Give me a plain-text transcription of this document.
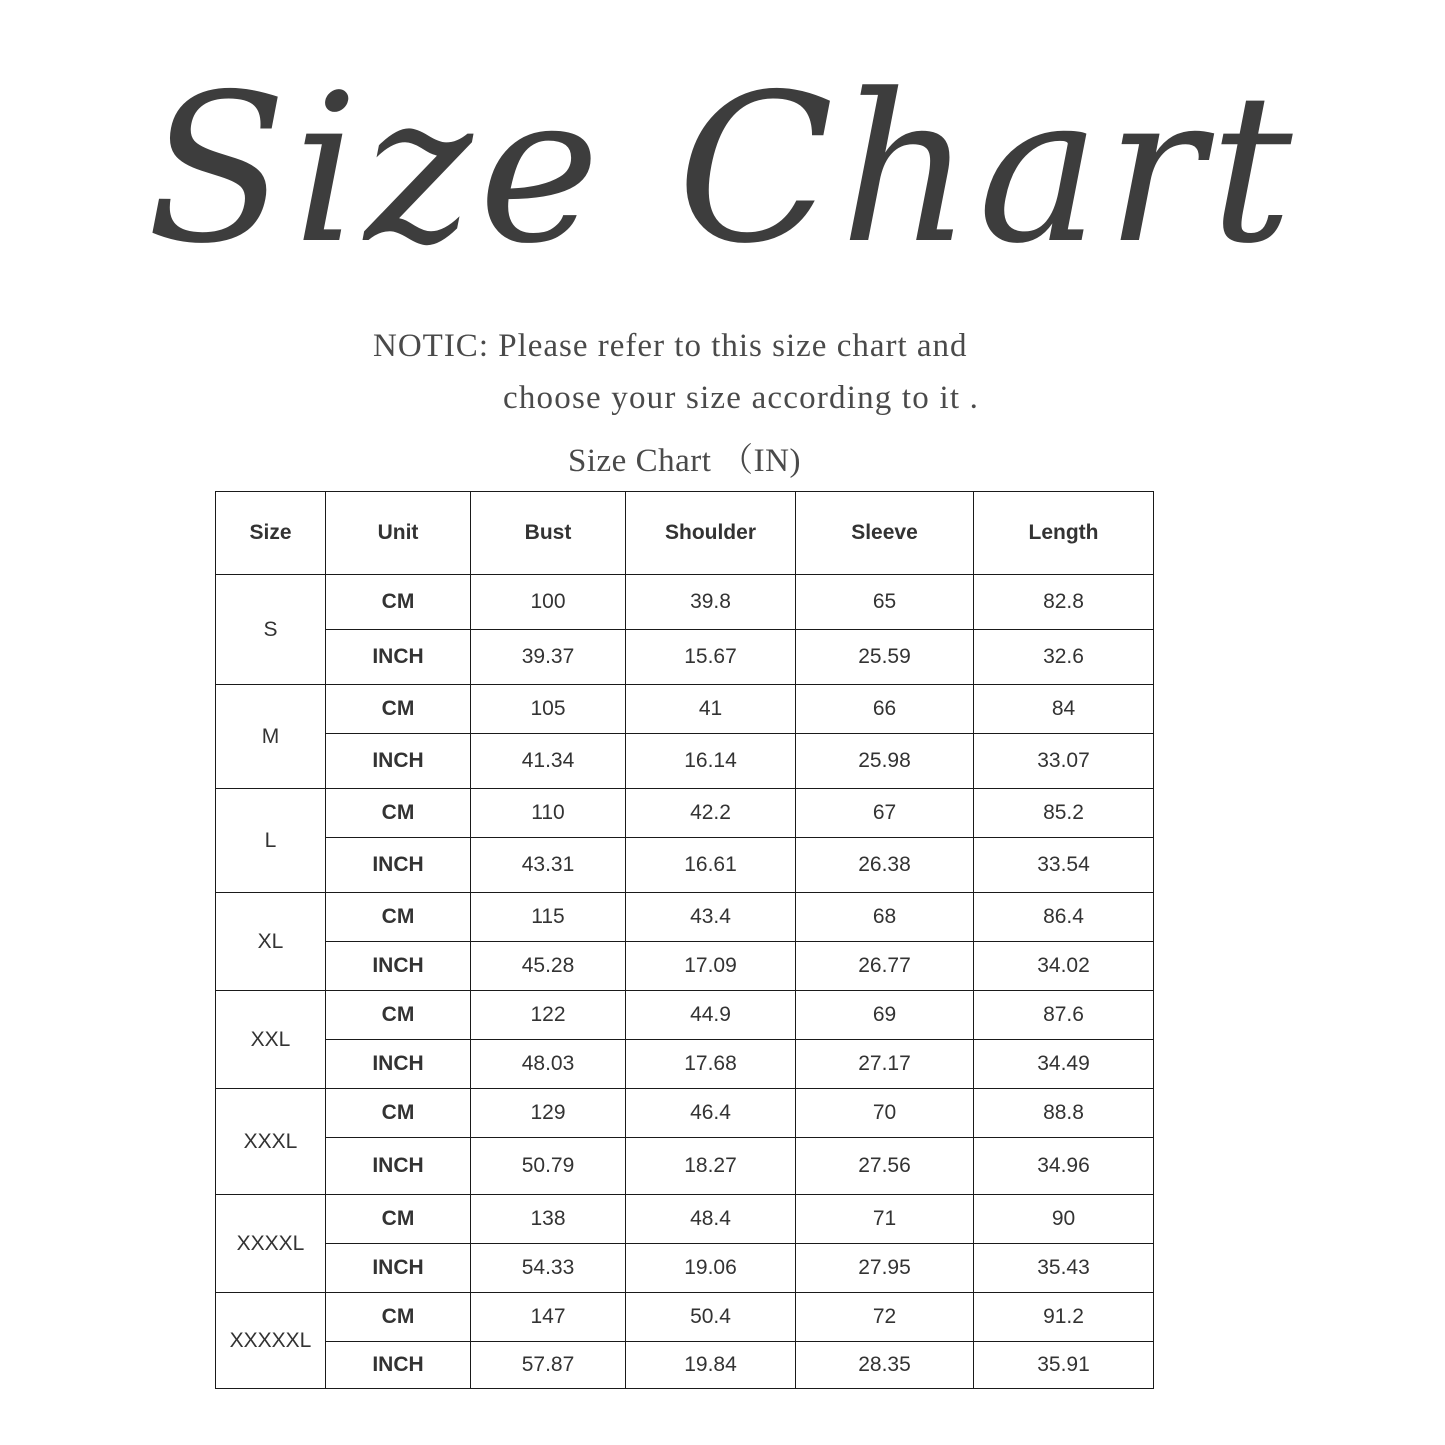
Size Chart
NOTIC: Please refer to this size chart and
choose your size according to it .
Size Chart （IN)
Size	Unit	Bust	Shoulder	Sleeve	Length
S	CM	100	39.8	65	82.8
	INCH	39.37	15.67	25.59	32.6
M	CM	105	41	66	84
	INCH	41.34	16.14	25.98	33.07
L	CM	110	42.2	67	85.2
	INCH	43.31	16.61	26.38	33.54
XL	CM	115	43.4	68	86.4
	INCH	45.28	17.09	26.77	34.02
XXL	CM	122	44.9	69	87.6
	INCH	48.03	17.68	27.17	34.49
XXXL	CM	129	46.4	70	88.8
	INCH	50.79	18.27	27.56	34.96
XXXXL	CM	138	48.4	71	90
	INCH	54.33	19.06	27.95	35.43
XXXXXL	CM	147	50.4	72	91.2
	INCH	57.87	19.84	28.35	35.91
